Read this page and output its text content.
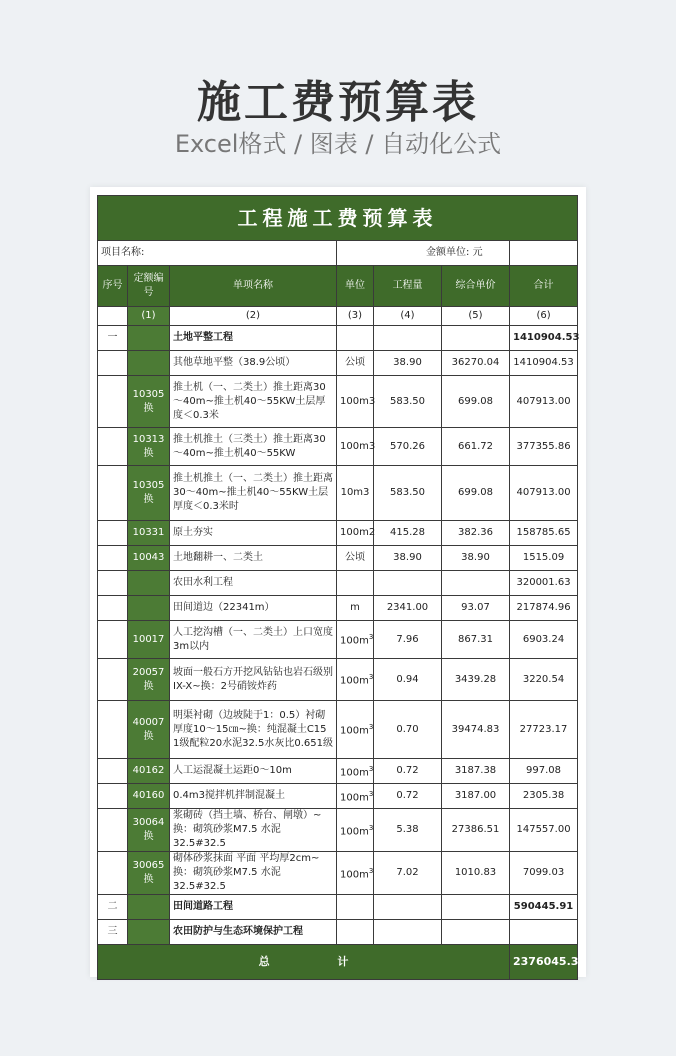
施工费预算表
Excel格式 / 图表 / 自动化公式
工程施工费预算表						
项目名称:			金额单位: 元			
序号	定额编号	单项名称	单位	工程量	综合单价	合计
	(1)	(2)	(3)	(4)	(5)	(6)
一		土地平整工程				1410904.53
		其他草地平整（38.9公顷）	公顷	38.90	36270.04	1410904.53
	10305换	推土机（一、二类土）推土距离30～40m~推土机40～55KW土层厚度＜0.3米	100m3	583.50	699.08	407913.00
	10313换	推土机推土（三类土）推土距离30～40m~推土机40～55KW	100m3	570.26	661.72	377355.86
	10305换	推土机推土（一、二类土）推土距离30～40m~推土机40～55KW土层厚度＜0.3米时	10m3	583.50	699.08	407913.00
	10331	原土夯实	100m2	415.28	382.36	158785.65
	10043	土地翻耕一、二类土	公顷	38.90	38.90	1515.09
		农田水利工程				320001.63
		田间道边（22341m）	m	2341.00	93.07	217874.96
	10017	人工挖沟槽（一、二类土）上口宽度3m以内	$100m^3$	7.96	867.31	6903.24
	20057换	坡面一般石方开挖风钻钻也岩石级别IX-X~换：2号硝铵炸药	$100m^3$	0.94	3439.28	3220.54
	40007换	明渠衬砌（边坡陡于1：0.5）衬砌厚度10～15㎝~换：纯混凝土C15 1级配粒20水泥32.5水灰比0.651级	$100m^3$	0.70	39474.83	27723.17
	40162	人工运混凝土运距0～10m	$100m^3$	0.72	3187.38	997.08
	40160	0.4m3搅拌机拌制混凝土	$100m^3$	0.72	3187.00	2305.38
	30064换	浆砌砖（挡土墙、桥台、闸墩）~换：砌筑砂浆M7.5 水泥32.5#32.5	$100m^3$	5.38	27386.51	147557.00
	30065换	砌体砂浆抹面 平面 平均厚2cm~换：砌筑砂浆M7.5 水泥32.5#32.5	$100m^3$	7.02	1010.83	7099.03
二		田间道路工程				590445.91
三		农田防护与生态环境保护工程				
总 计						2376045.39
